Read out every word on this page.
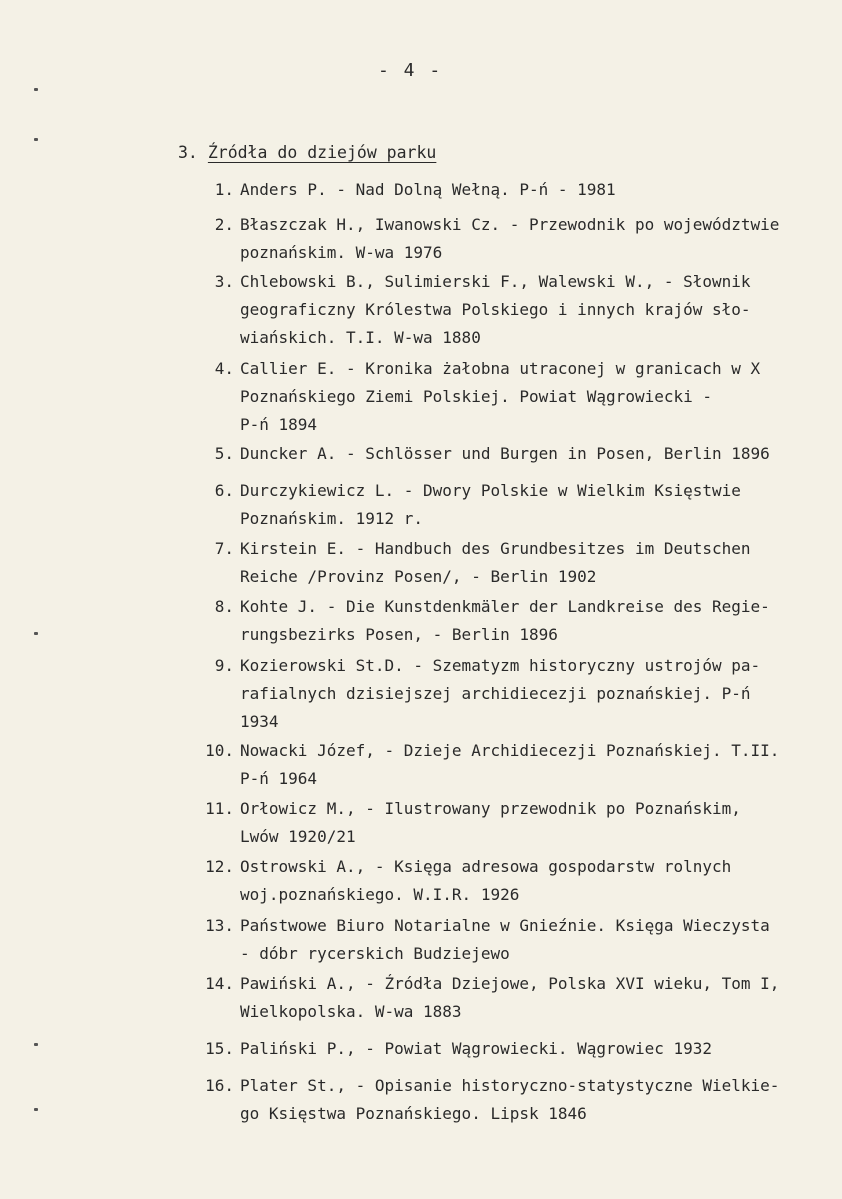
- 4 -
3. Źródła do dziejów parku
1. Anders P. - Nad Dolną Wełną. P-ń - 1981
2. Błaszczak H., Iwanowski Cz. - Przewodnik po województwie
poznańskim. W-wa 1976
3. Chlebowski B., Sulimierski F., Walewski W., - Słownik
geograficzny Królestwa Polskiego i innych krajów sło-
wiańskich. T.I. W-wa 1880
4. Callier E. - Kronika żałobna utraconej w granicach w X
Poznańskiego Ziemi Polskiej. Powiat Wągrowiecki -
P-ń 1894
5. Duncker A. - Schlösser und Burgen in Posen, Berlin 1896
6. Durczykiewicz L. - Dwory Polskie w Wielkim Księstwie
Poznańskim. 1912 r.
7. Kirstein E. - Handbuch des Grundbesitzes im Deutschen
Reiche /Provinz Posen/, - Berlin 1902
8. Kohte J. - Die Kunstdenkmäler der Landkreise des Regie-
rungsbezirks Posen, - Berlin 1896
9. Kozierowski St.D. - Szematyzm historyczny ustrojów pa-
rafialnych dzisiejszej archidiecezji poznańskiej. P-ń
1934
10. Nowacki Józef, - Dzieje Archidiecezji Poznańskiej. T.II.
P-ń 1964
11. Orłowicz M., - Ilustrowany przewodnik po Poznańskim,
Lwów 1920/21
12. Ostrowski A., - Księga adresowa gospodarstw rolnych
woj.poznańskiego. W.I.R. 1926
13. Państwowe Biuro Notarialne w Gnieźnie. Księga Wieczysta
- dóbr rycerskich Budziejewo
14. Pawiński A., - Źródła Dziejowe, Polska XVI wieku, Tom I,
Wielkopolska. W-wa 1883
15. Paliński P., - Powiat Wągrowiecki. Wągrowiec 1932
16. Plater St., - Opisanie historyczno-statystyczne Wielkie-
go Księstwa Poznańskiego. Lipsk 1846
